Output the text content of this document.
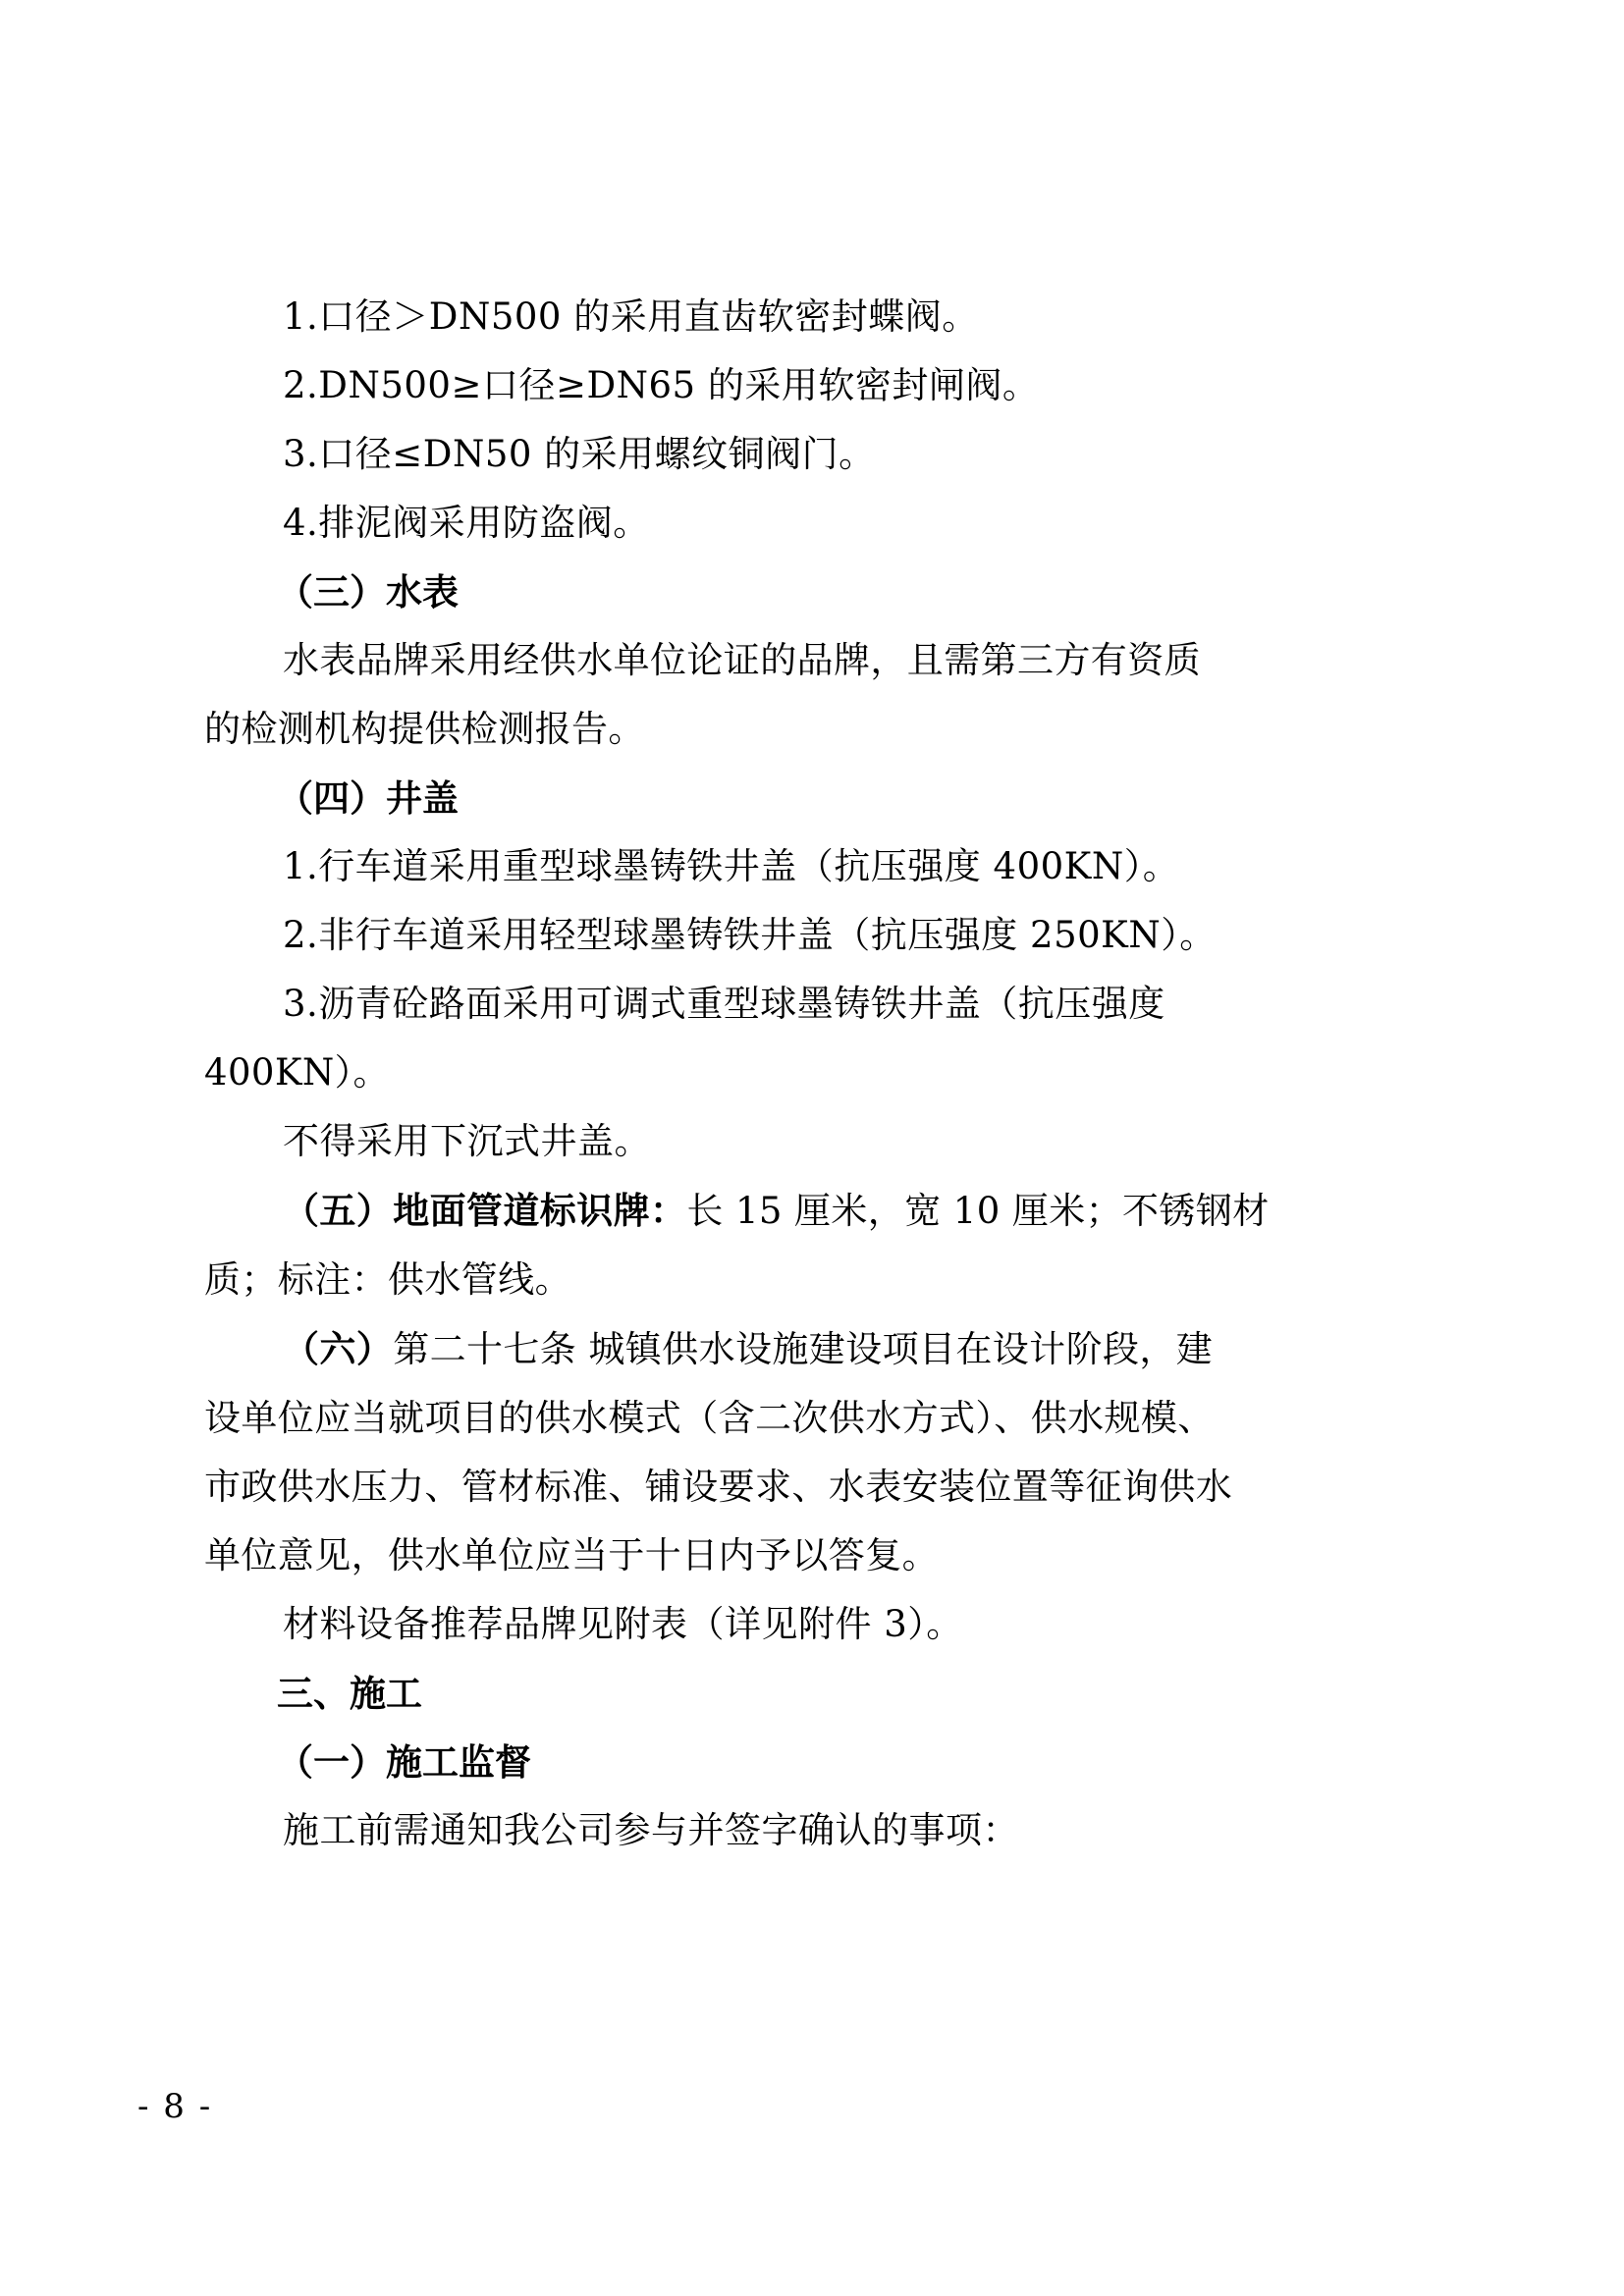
1.口径＞DN500 的采用直齿软密封蝶阀。
2.DN500≥口径≥DN65 的采用软密封闸阀。
3.口径≤DN50 的采用螺纹铜阀门。
4.排泥阀采用防盗阀。
（三）水表
水表品牌采用经供水单位论证的品牌，且需第三方有资质
的检测机构提供检测报告。
（四）井盖
1.行车道采用重型球墨铸铁井盖（抗压强度 400KN）。
2.非行车道采用轻型球墨铸铁井盖（抗压强度 250KN）。
3.沥青砼路面采用可调式重型球墨铸铁井盖（抗压强度
400KN）。
不得采用下沉式井盖。
（五）地面管道标识牌：长 15 厘米，宽 10 厘米；不锈钢材
质；标注：供水管线。
（六）第二十七条 城镇供水设施建设项目在设计阶段，建
设单位应当就项目的供水模式（含二次供水方式）、供水规模、
市政供水压力、管材标准、铺设要求、水表安装位置等征询供水
单位意见，供水单位应当于十日内予以答复。
材料设备推荐品牌见附表（详见附件 3）。
三、施工
（一）施工监督
施工前需通知我公司参与并签字确认的事项：
- 8 -
